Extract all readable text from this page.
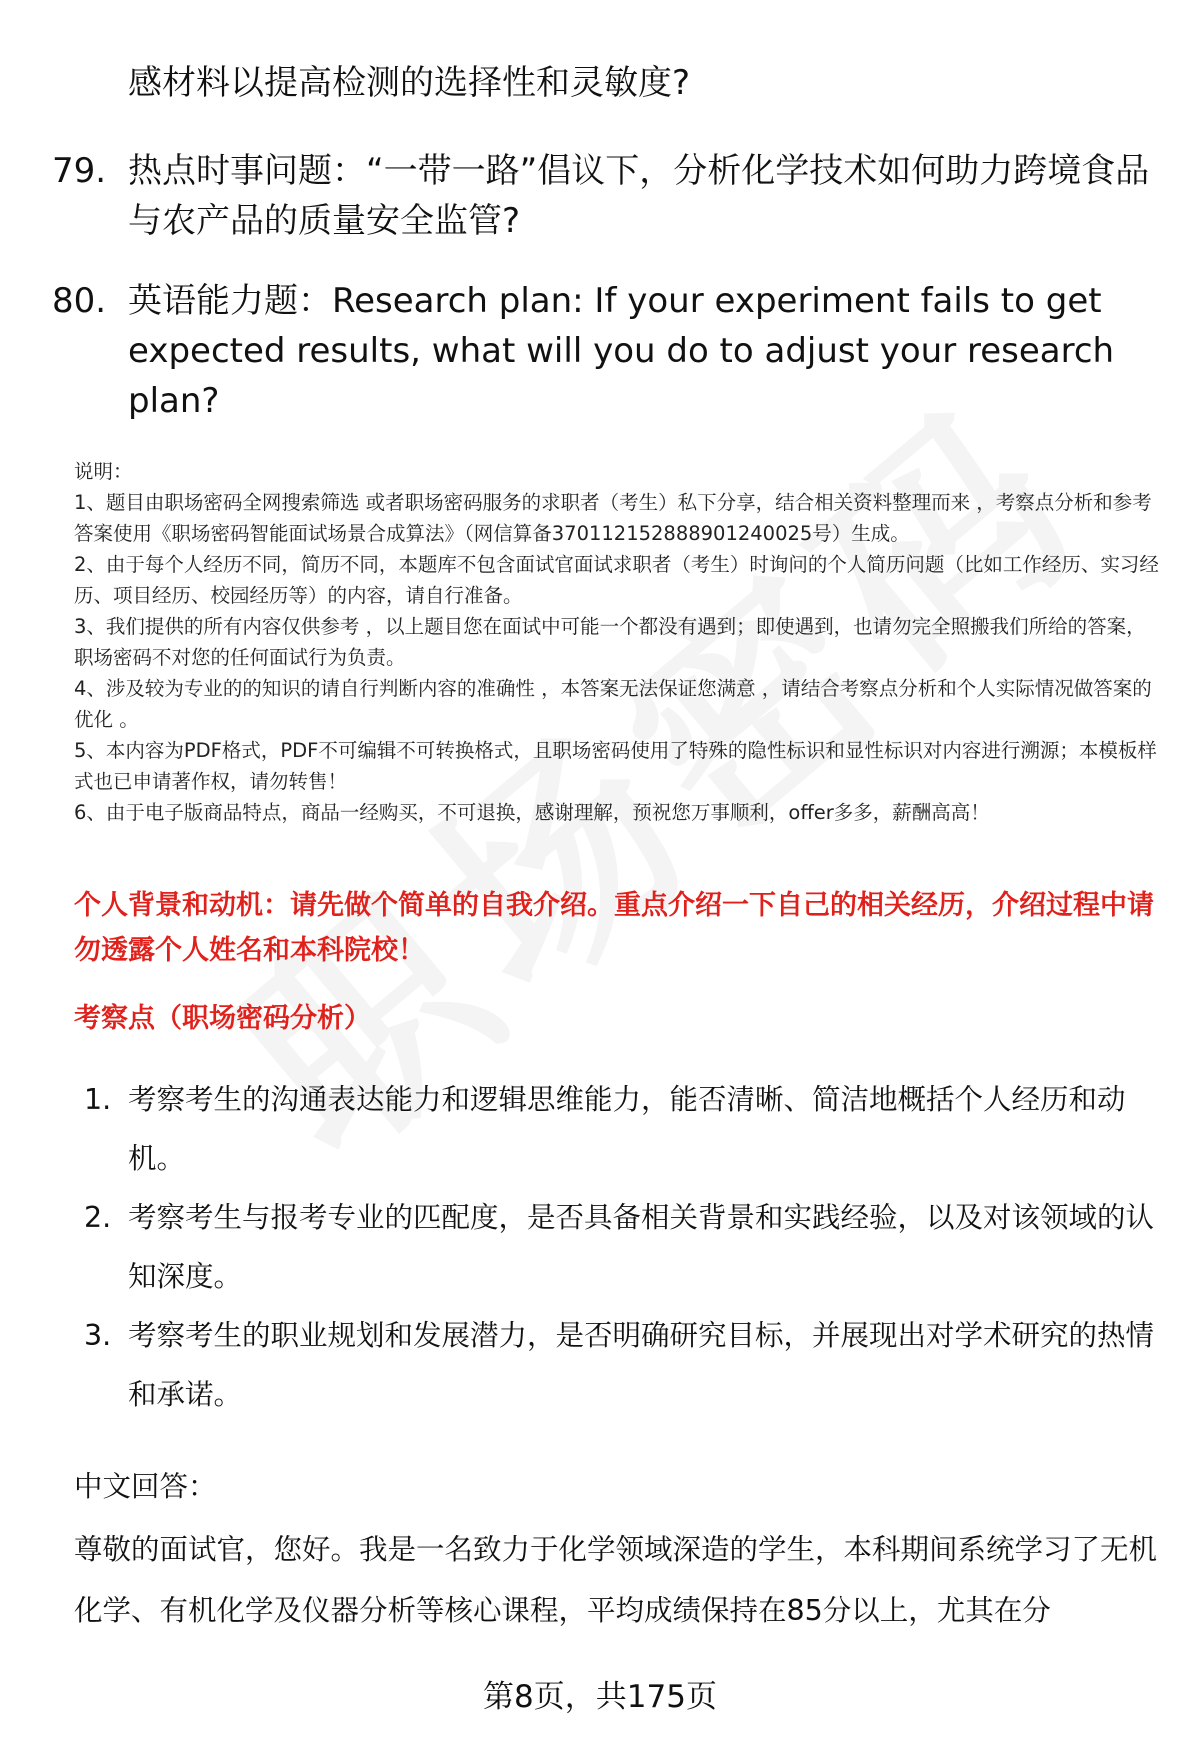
感材料以提高检测的选择性和灵敏度?

79. 热点时事问题：“一带一路”倡议下，分析化学技术如何助力跨境食品与农产品的质量安全监管?
80. 英语能力题：Research plan: If your experiment fails to get expected results, what will you do to adjust your research plan?

说明：

1、题目由职场密码全网搜索筛选 或者职场密码服务的求职者（考生）私下分享，结合相关资料整理而来 ，考察点分析和参考答案使用《职场密码智能面试场景合成算法》（网信算备370112152888901240025号）生成。

2、由于每个人经历不同，简历不同，本题库不包含面试官面试求职者（考生）时询问的个人简历问题（比如工作经历、实习经历、项目经历、校园经历等）的内容，请自行准备。

3、我们提供的所有内容仅供参考 ，以上题目您在面试中可能一个都没有遇到；即使遇到，也请勿完全照搬我们所给的答案，职场密码不对您的任何面试行为负责。

4、涉及较为专业的的知识的请自行判断内容的准确性 ，本答案无法保证您满意 ，请结合考察点分析和个人实际情况做答案的优化 。

5、本内容为PDF格式，PDF不可编辑不可转换格式，且职场密码使用了特殊的隐性标识和显性标识对内容进行溯源；本模板样式也已申请著作权，请勿转售！

6、由于电子版商品特点，商品一经购买，不可退换，感谢理解，预祝您万事顺利，offer多多，薪酬高高！

个人背景和动机：请先做个简单的自我介绍。重点介绍一下自己的相关经历，介绍过程中请勿透露个人姓名和本科院校！

考察点（职场密码分析）

1. 考察考生的沟通表达能力和逻辑思维能力，能否清晰、简洁地概括个人经历和动机。
2. 考察考生与报考专业的匹配度，是否具备相关背景和实践经验，以及对该领域的认知深度。
3. 考察考生的职业规划和发展潜力，是否明确研究目标，并展现出对学术研究的热情和承诺。

中文回答：

尊敬的面试官，您好。我是一名致力于化学领域深造的学生，本科期间系统学习了无机化学、有机化学及仪器分析等核心课程，平均成绩保持在85分以上，尤其在分

第8页，共175页
